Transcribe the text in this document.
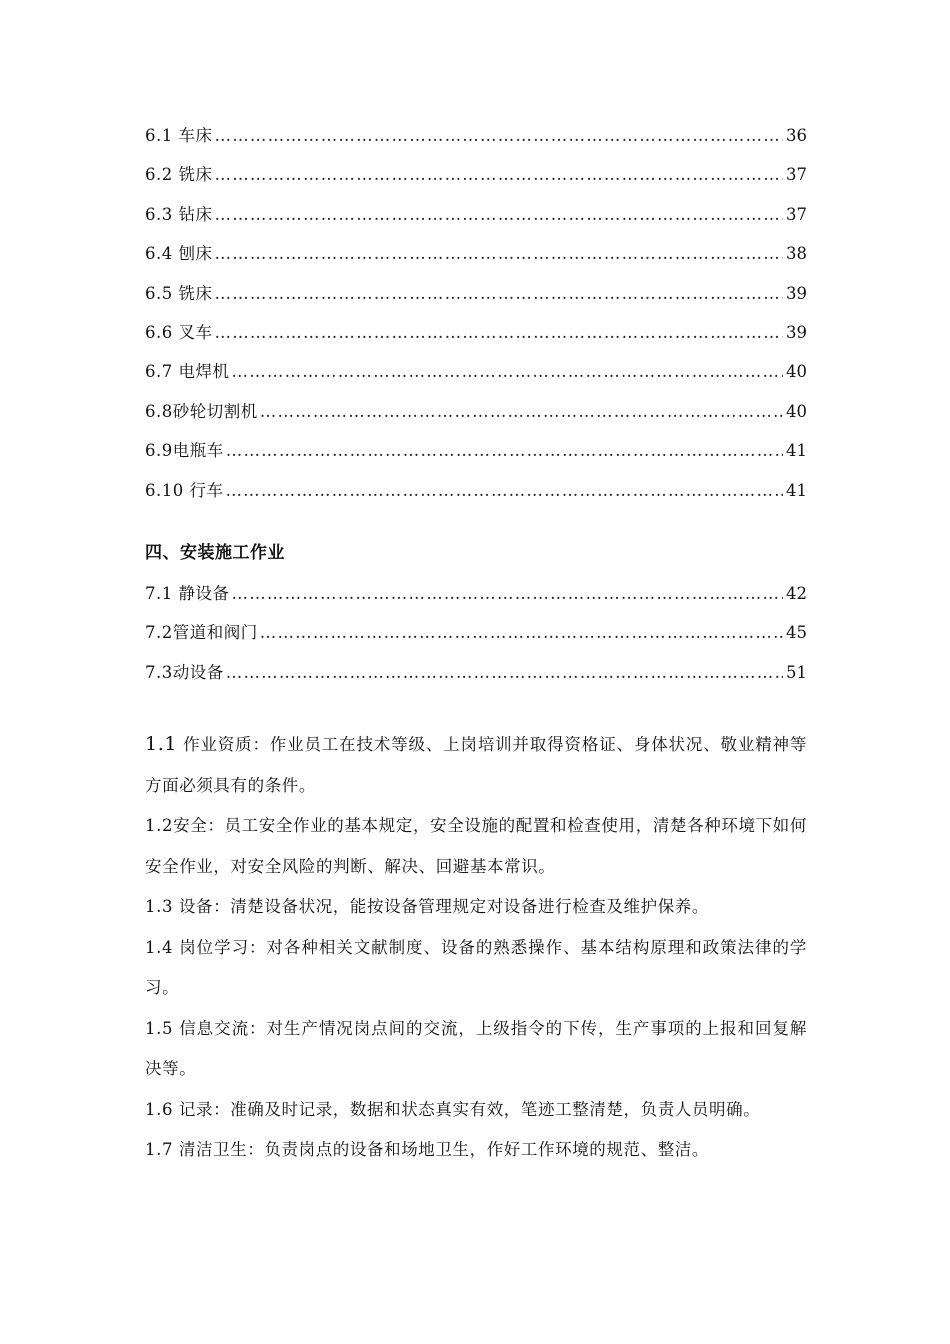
6.1 车床 ………………………………………………………………………………………………………………………………………………………………………………	36
6.2 铣床 ………………………………………………………………………………………………………………………………………………………………………………	37
6.3 钻床 ………………………………………………………………………………………………………………………………………………………………………………	37
6.4 刨床 ………………………………………………………………………………………………………………………………………………………………………………	38
6.5 铣床 ………………………………………………………………………………………………………………………………………………………………………………	39
6.6 叉车 ………………………………………………………………………………………………………………………………………………………………………………	39
6.7 电焊机 ………………………………………………………………………………………………………………………………………………………………………………	40
6.8砂轮切割机 ………………………………………………………………………………………………………………………………………………………………………………	40
6.9电瓶车 ………………………………………………………………………………………………………………………………………………………………………………	41
6.10 行车 ………………………………………………………………………………………………………………………………………………………………………………	41
四、安装施工作业
7.1 静设备 ………………………………………………………………………………………………………………………………………………………………………………	42
7.2管道和阀门 ………………………………………………………………………………………………………………………………………………………………………………	45
7.3动设备 ………………………………………………………………………………………………………………………………………………………………………………	51

1.1 作业资质：作业员工在技术等级、上岗培训并取得资格证、身体状况、敬业精神等方面必须具有的条件。

1.2安全：员工安全作业的基本规定，安全设施的配置和检查使用，清楚各种环境下如何安全作业，对安全风险的判断、解决、回避基本常识。

1.3 设备：清楚设备状况，能按设备管理规定对设备进行检查及维护保养。

1.4 岗位学习：对各种相关文献制度、设备的熟悉操作、基本结构原理和政策法律的学习。

1.5 信息交流：对生产情况岗点间的交流，上级指令的下传，生产事项的上报和回复解决等。

1.6 记录：准确及时记录，数据和状态真实有效，笔迹工整清楚，负责人员明确。

1.7 清洁卫生：负责岗点的设备和场地卫生，作好工作环境的规范、整洁。
